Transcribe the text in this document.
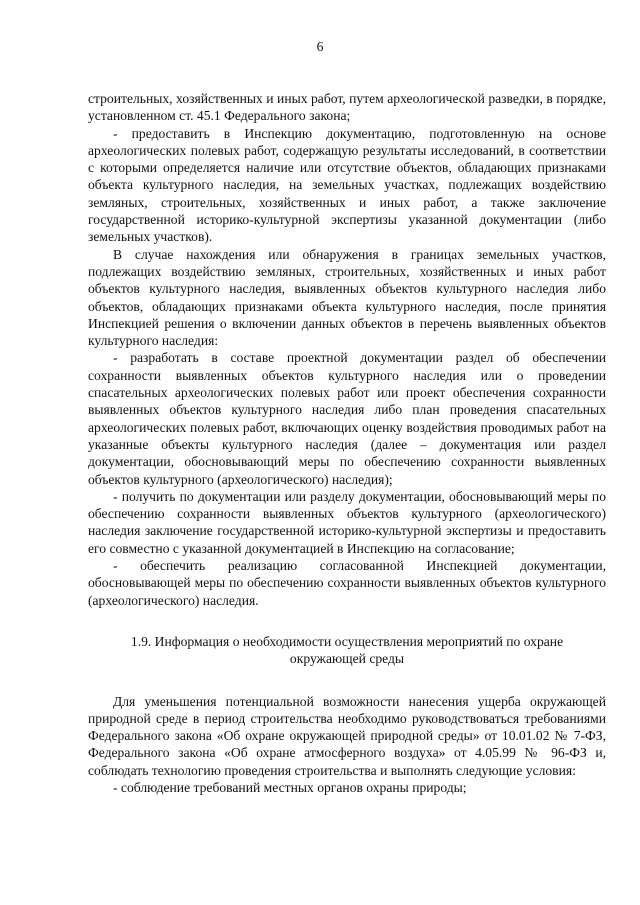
6

строительных, хозяйственных и иных работ, путем археологической разведки, в порядке, установленном ст. 45.1 Федерального закона;

- предоставить в Инспекцию документацию, подготовленную на основе археологических полевых работ, содержащую результаты исследований, в соответствии с которыми определяется наличие или отсутствие объектов, обладающих признаками объекта культурного наследия, на земельных участках, подлежащих воздействию земляных, строительных, хозяйственных и иных работ, а также заключение государственной историко-культурной экспертизы указанной документации (либо земельных участков).

В случае нахождения или обнаружения в границах земельных участков, подлежащих воздействию земляных, строительных, хозяйственных и иных работ объектов культурного наследия, выявленных объектов культурного наследия либо объектов, обладающих признаками объекта культурного наследия, после принятия Инспекцией решения о включении данных объектов в перечень выявленных объектов культурного наследия:

- разработать в составе проектной документации раздел об обеспечении сохранности выявленных объектов культурного наследия или о проведении спасательных археологических полевых работ или проект обеспечения сохранности выявленных объектов культурного наследия либо план проведения спасательных археологических полевых работ, включающих оценку воздействия проводимых работ на указанные объекты культурного наследия (далее – документация или раздел документации, обосновывающий меры по обеспечению сохранности выявленных объектов культурного (археологического) наследия);

- получить по документации или разделу документации, обосновывающий меры по обеспечению сохранности выявленных объектов культурного (археологического) наследия заключение государственной историко-культурной экспертизы и предоставить его совместно с указанной документацией в Инспекцию на согласование;

- обеспечить реализацию согласованной Инспекцией документации, обосновывающей меры по обеспечению сохранности выявленных объектов культурного (археологического) наследия.

1.9. Информация о необходимости осуществления мероприятий по охране окружающей среды

Для уменьшения потенциальной возможности нанесения ущерба окружающей природной среде в период строительства необходимо руководствоваться требованиями Федерального закона «Об охране окружающей природной среды» от 10.01.02 № 7-ФЗ, Федерального закона «Об охране атмосферного воздуха» от 4.05.99 № 96-ФЗ и, соблюдать технологию проведения строительства и выполнять следующие условия:

- соблюдение требований местных органов охраны природы;
